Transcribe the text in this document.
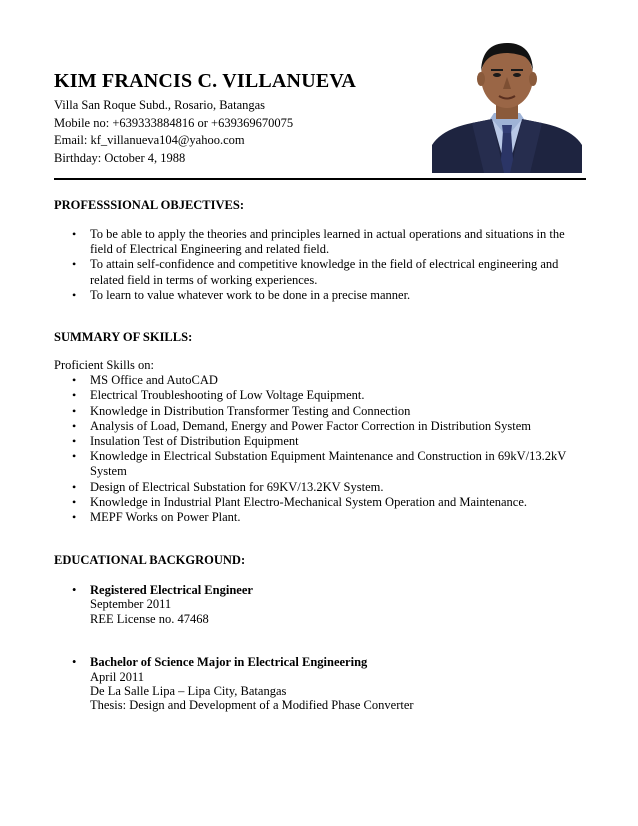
KIM FRANCIS C. VILLANUEVA

Villa San Roque Subd., Rosario, Batangas

Mobile no: +639333884816 or +639369670075

Email: kf_villanueva104@yahoo.com

Birthday: October 4, 1988

PROFESSSIONAL OBJECTIVES:

• To be able to apply the theories and principles learned in actual operations and situations in the field of Electrical Engineering and related field.
• To attain self-confidence and competitive knowledge in the field of electrical engineering and related field in terms of working experiences.
• To learn to value whatever work to be done in a precise manner.

SUMMARY OF SKILLS:

Proficient Skills on:

• MS Office and AutoCAD
• Electrical Troubleshooting of Low Voltage Equipment.
• Knowledge in Distribution Transformer Testing and Connection
• Analysis of Load, Demand, Energy and Power Factor Correction in Distribution System
• Insulation Test of Distribution Equipment
• Knowledge in Electrical Substation Equipment Maintenance and Construction in 69kV/13.2kV System
• Design of Electrical Substation for 69KV/13.2KV System.
• Knowledge in Industrial Plant Electro-Mechanical System Operation and Maintenance.
• MEPF Works on Power Plant.

EDUCATIONAL BACKGROUND:

• Registered Electrical Engineer
September 2011
REE License no. 47468
• Bachelor of Science Major in Electrical Engineering
April 2011
De La Salle Lipa – Lipa City, Batangas
Thesis: Design and Development of a Modified Phase Converter
